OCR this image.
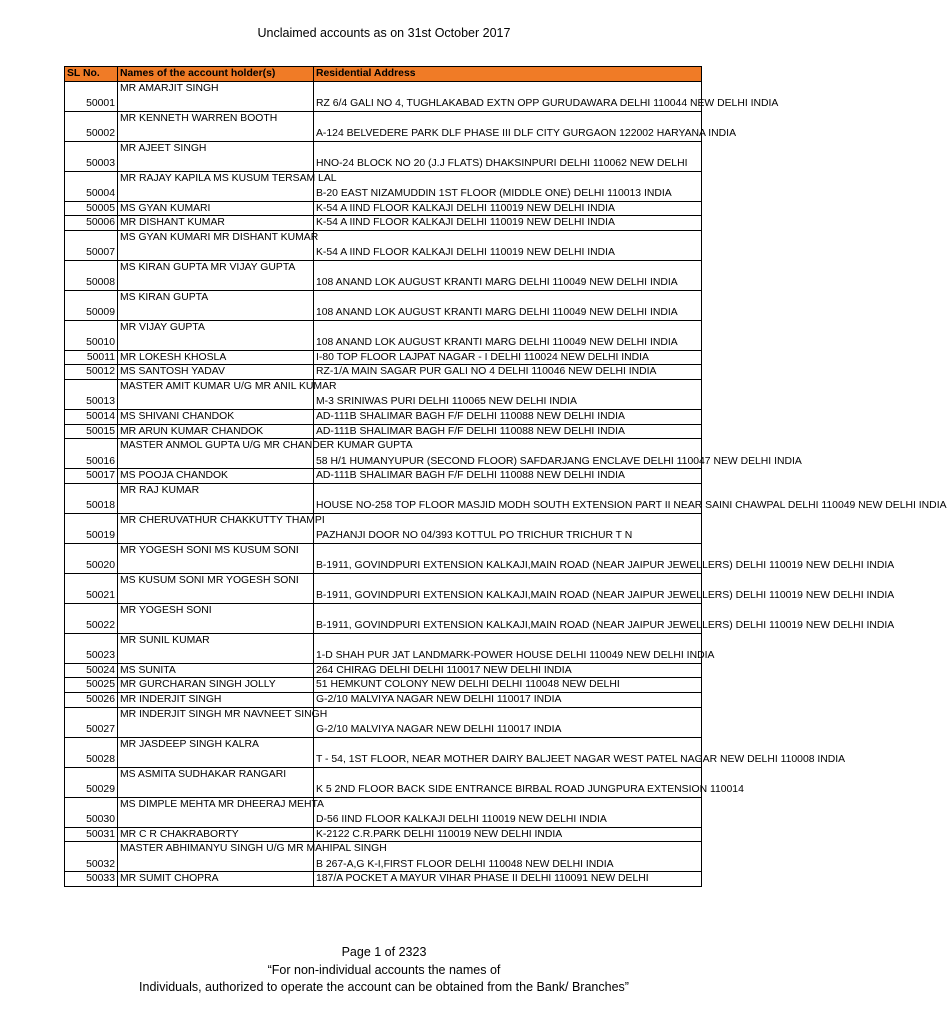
Unclaimed accounts as on 31st October 2017
SL No.	Names of the account holder(s)	Residential Address
50001	MR AMARJIT SINGH	RZ 6/4 GALI NO 4, TUGHLAKABAD EXTN OPP GURUDAWARA DELHI 110044 NEW DELHI INDIA
50002	MR KENNETH WARREN BOOTH	A-124 BELVEDERE PARK DLF PHASE III DLF CITY GURGAON 122002 HARYANA INDIA
50003	MR AJEET SINGH	HNO-24 BLOCK NO 20 (J.J FLATS) DHAKSINPURI DELHI 110062 NEW DELHI
50004	MR RAJAY KAPILA MS KUSUM TERSAM LAL	B-20 EAST NIZAMUDDIN 1ST FLOOR (MIDDLE ONE) DELHI 110013 INDIA
50005	MS GYAN KUMARI	K-54 A IIND FLOOR KALKAJI DELHI 110019 NEW DELHI INDIA
50006	MR DISHANT KUMAR	K-54 A IIND FLOOR KALKAJI DELHI 110019 NEW DELHI INDIA
50007	MS GYAN KUMARI MR DISHANT KUMAR	K-54 A IIND FLOOR KALKAJI DELHI 110019 NEW DELHI INDIA
50008	MS KIRAN GUPTA MR VIJAY GUPTA	108 ANAND LOK AUGUST KRANTI MARG DELHI 110049 NEW DELHI INDIA
50009	MS KIRAN GUPTA	108 ANAND LOK AUGUST KRANTI MARG DELHI 110049 NEW DELHI INDIA
50010	MR VIJAY GUPTA	108 ANAND LOK AUGUST KRANTI MARG DELHI 110049 NEW DELHI INDIA
50011	MR LOKESH KHOSLA	I-80 TOP FLOOR LAJPAT NAGAR - I DELHI 110024 NEW DELHI INDIA
50012	MS SANTOSH YADAV	RZ-1/A MAIN SAGAR PUR GALI NO 4 DELHI 110046 NEW DELHI INDIA
50013	MASTER AMIT KUMAR U/G MR ANIL KUMAR	M-3 SRINIWAS PURI DELHI 110065 NEW DELHI INDIA
50014	MS SHIVANI CHANDOK	AD-111B SHALIMAR BAGH F/F DELHI 110088 NEW DELHI INDIA
50015	MR ARUN KUMAR CHANDOK	AD-111B SHALIMAR BAGH F/F DELHI 110088 NEW DELHI INDIA
50016	MASTER ANMOL GUPTA U/G MR CHANDER KUMAR GUPTA	58 H/1 HUMANYUPUR (SECOND FLOOR) SAFDARJANG ENCLAVE DELHI 110047 NEW DELHI INDIA
50017	MS POOJA CHANDOK	AD-111B SHALIMAR BAGH F/F DELHI 110088 NEW DELHI INDIA
50018	MR RAJ KUMAR	HOUSE NO-258 TOP FLOOR MASJID MODH SOUTH EXTENSION PART II NEAR SAINI CHAWPAL DELHI 110049 NEW DELHI INDIA
50019	MR CHERUVATHUR CHAKKUTTY THAMPI	PAZHANJI DOOR NO 04/393 KOTTUL PO TRICHUR TRICHUR T N
50020	MR YOGESH SONI MS KUSUM SONI	B-1911, GOVINDPURI EXTENSION KALKAJI,MAIN ROAD (NEAR JAIPUR JEWELLERS) DELHI 110019 NEW DELHI INDIA
50021	MS KUSUM SONI MR YOGESH SONI	B-1911, GOVINDPURI EXTENSION KALKAJI,MAIN ROAD (NEAR JAIPUR JEWELLERS) DELHI 110019 NEW DELHI INDIA
50022	MR YOGESH SONI	B-1911, GOVINDPURI EXTENSION KALKAJI,MAIN ROAD (NEAR JAIPUR JEWELLERS) DELHI 110019 NEW DELHI INDIA
50023	MR SUNIL KUMAR	1-D SHAH PUR JAT LANDMARK-POWER HOUSE DELHI 110049 NEW DELHI INDIA
50024	MS SUNITA	264 CHIRAG DELHI DELHI 110017 NEW DELHI INDIA
50025	MR GURCHARAN SINGH JOLLY	51 HEMKUNT COLONY NEW DELHI DELHI 110048 NEW DELHI
50026	MR INDERJIT SINGH	G-2/10 MALVIYA NAGAR NEW DELHI 110017 INDIA
50027	MR INDERJIT SINGH MR NAVNEET SINGH	G-2/10 MALVIYA NAGAR NEW DELHI 110017 INDIA
50028	MR JASDEEP SINGH KALRA	T - 54, 1ST FLOOR, NEAR MOTHER DAIRY BALJEET NAGAR WEST PATEL NAGAR NEW DELHI 110008 INDIA
50029	MS ASMITA SUDHAKAR RANGARI	K 5 2ND FLOOR BACK SIDE ENTRANCE BIRBAL ROAD JUNGPURA EXTENSION 110014
50030	MS DIMPLE MEHTA MR DHEERAJ MEHTA	D-56 IIND FLOOR KALKAJI DELHI 110019 NEW DELHI INDIA
50031	MR C R CHAKRABORTY	K-2122 C.R.PARK DELHI 110019 NEW DELHI INDIA
50032	MASTER ABHIMANYU SINGH U/G MR MAHIPAL SINGH	B 267-A,G K-I,FIRST FLOOR DELHI 110048 NEW DELHI INDIA
50033	MR SUMIT CHOPRA	187/A POCKET A MAYUR VIHAR PHASE II DELHI 110091 NEW DELHI
Page 1 of 2323
“For non-individual accounts the names of
Individuals, authorized to operate the account can be obtained from the Bank/ Branches”
